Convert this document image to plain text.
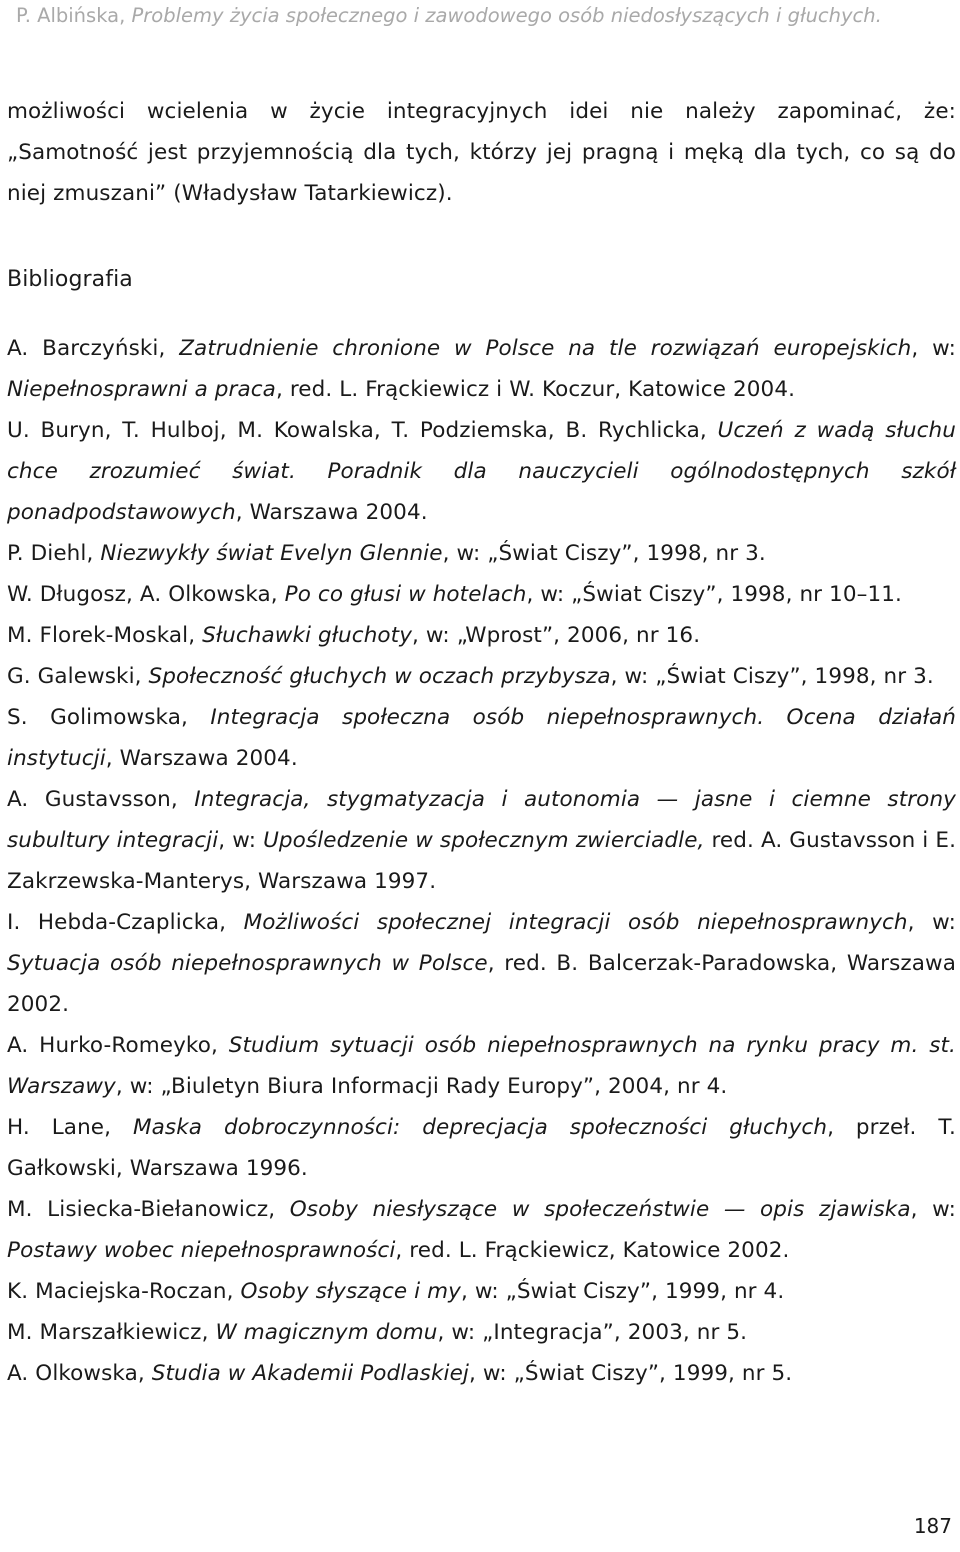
P. Albińska, Problemy życia społecznego i zawodowego osób niedosłyszących i głuchych.

możliwości wcielenia w życie integracyjnych idei nie należy zapominać, że: „Samotność jest przyjemnością dla tych, którzy jej pragną i męką dla tych, co są do niej zmuszani” (Władysław Tatarkiewicz).

Bibliografia
A. Barczyński, Zatrudnienie chronione w Polsce na tle rozwiązań europejskich, w: Niepełnosprawni a praca, red. L. Frąckiewicz i W. Koczur, Katowice 2004.
U. Buryn, T. Hulboj, M. Kowalska, T. Podziemska, B. Rychlicka, Uczeń z wadą słuchu chce zrozumieć świat. Poradnik dla nauczycieli ogólnodostępnych szkół ponadpodstawowych, Warszawa 2004.
P. Diehl, Niezwykły świat Evelyn Glennie, w: „Świat Ciszy”, 1998, nr 3.
W. Długosz, A. Olkowska, Po co głusi w hotelach, w: „Świat Ciszy”, 1998, nr 10–11.
M. Florek-Moskal, Słuchawki głuchoty, w: „Wprost”, 2006, nr 16.
G. Galewski, Społeczność głuchych w oczach przybysza, w: „Świat Ciszy”, 1998, nr 3.
S. Golimowska, Integracja społeczna osób niepełnosprawnych. Ocena działań instytucji, Warszawa 2004.
A. Gustavsson, Integracja, stygmatyzacja i autonomia — jasne i ciemne strony subultury integracji, w: Upośledzenie w społecznym zwierciadle, red. A. Gustavsson i E. Zakrzewska-Manterys, Warszawa 1997.
I. Hebda-Czaplicka, Możliwości społecznej integracji osób niepełnosprawnych, w: Sytuacja osób niepełnosprawnych w Polsce, red. B. Balcerzak-Paradowska, Warszawa 2002.
A. Hurko-Romeyko, Studium sytuacji osób niepełnosprawnych na rynku pracy m. st. Warszawy, w: „Biuletyn Biura Informacji Rady Europy”, 2004, nr 4.
H. Lane, Maska dobroczynności: deprecjacja społeczności głuchych, przeł. T. Gałkowski, Warszawa 1996.
M. Lisiecka-Biełanowicz, Osoby niesłyszące w społeczeństwie — opis zjawiska, w: Postawy wobec niepełnosprawności, red. L. Frąckiewicz, Katowice 2002.
K. Maciejska-Roczan, Osoby słyszące i my, w: „Świat Ciszy”, 1999, nr 4.
M. Marszałkiewicz, W magicznym domu, w: „Integracja”, 2003, nr 5.
A. Olkowska, Studia w Akademii Podlaskiej, w: „Świat Ciszy”, 1999, nr 5.
187
